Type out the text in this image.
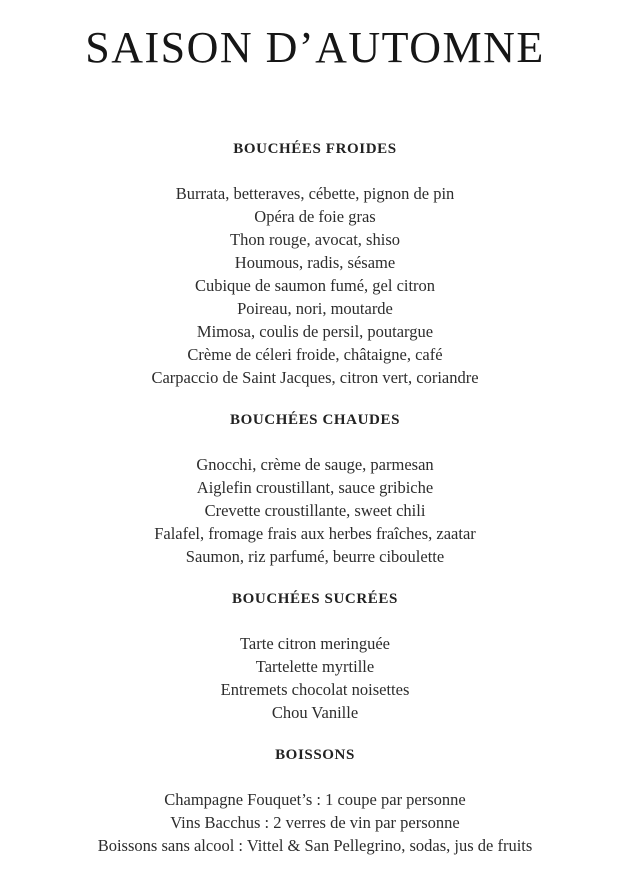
SAISON D’AUTOMNE
BOUCHÉES FROIDES
Burrata, betteraves, cébette, pignon de pin
Opéra de foie gras
Thon rouge, avocat, shiso
Houmous, radis, sésame
Cubique de saumon fumé, gel citron
Poireau, nori, moutarde
Mimosa, coulis de persil, poutargue
Crème de céleri froide, châtaigne, café
Carpaccio de Saint Jacques, citron vert, coriandre
BOUCHÉES CHAUDES
Gnocchi, crème de sauge, parmesan
Aiglefin croustillant, sauce gribiche
Crevette croustillante, sweet chili
Falafel, fromage frais aux herbes fraîches, zaatar
Saumon, riz parfumé, beurre ciboulette
BOUCHÉES SUCRÉES
Tarte citron meringuée
Tartelette myrtille
Entremets chocolat noisettes
Chou Vanille
BOISSONS
Champagne Fouquet’s : 1 coupe par personne
Vins Bacchus : 2 verres de vin par personne
Boissons sans alcool : Vittel & San Pellegrino, sodas, jus de fruits
